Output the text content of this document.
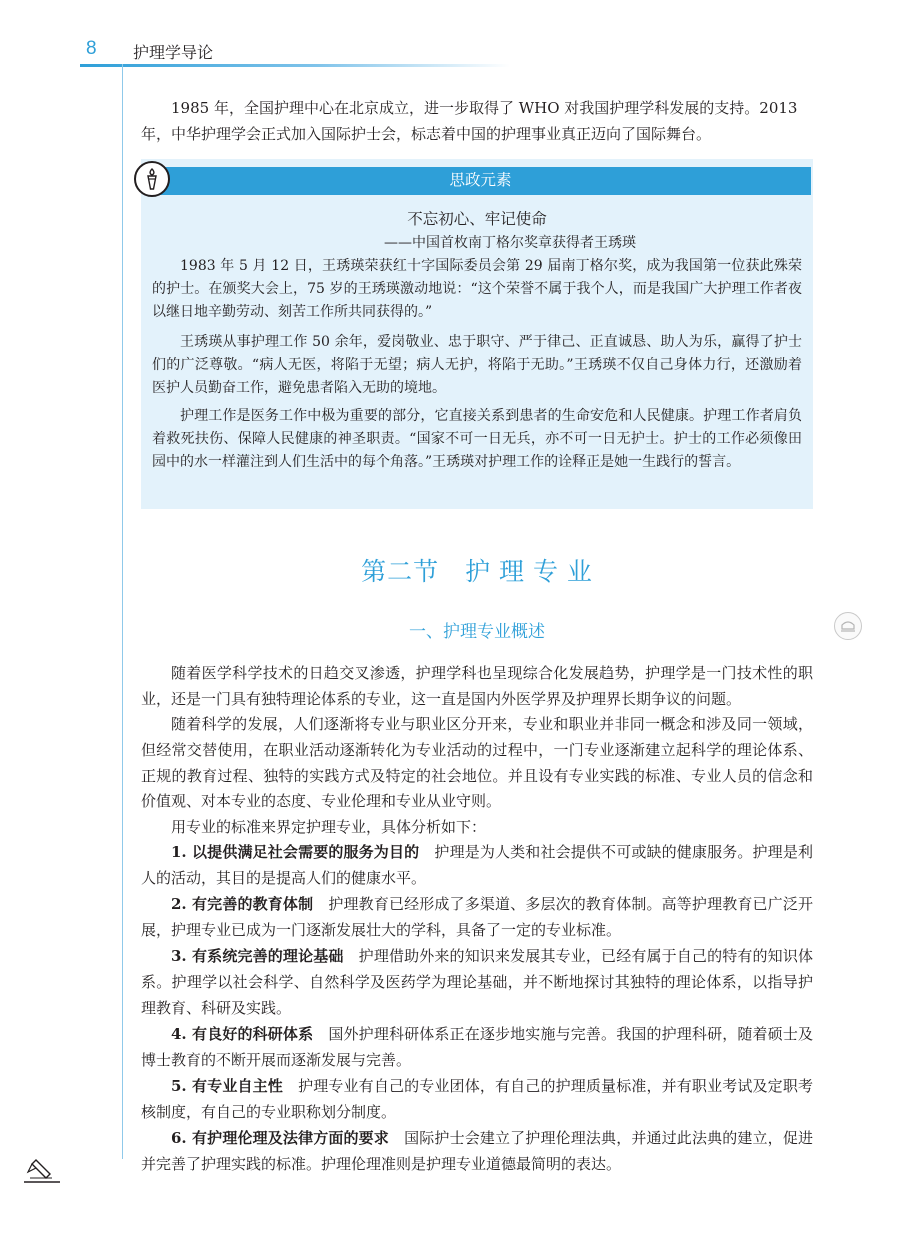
8 护理学导论

1985 年，全国护理中心在北京成立，进一步取得了 WHO 对我国护理学科发展的支持。2013

年，中华护理学会正式加入国际护士会，标志着中国的护理事业真正迈向了国际舞台。

思政元素
不忘初心、牢记使命
——中国首枚南丁格尔奖章获得者王琇瑛

1983 年 5 月 12 日，王琇瑛荣获红十字国际委员会第 29 届南丁格尔奖，成为我国第一位获此殊荣的护士。在颁奖大会上，75 岁的王琇瑛激动地说：“这个荣誉不属于我个人，而是我国广大护理工作者夜以继日地辛勤劳动、刻苦工作所共同获得的。”

王琇瑛从事护理工作 50 余年，爱岗敬业、忠于职守、严于律己、正直诚恳、助人为乐，赢得了护士们的广泛尊敬。“病人无医，将陷于无望；病人无护，将陷于无助。”王琇瑛不仅自己身体力行，还激励着医护人员勤奋工作，避免患者陷入无助的境地。

护理工作是医务工作中极为重要的部分，它直接关系到患者的生命安危和人民健康。护理工作者肩负着救死扶伤、保障人民健康的神圣职责。“国家不可一日无兵，亦不可一日无护士。护士的工作必须像田园中的水一样灌注到人们生活中的每个角落。”王琇瑛对护理工作的诠释正是她一生践行的誓言。

第二节　护 理 专 业
一、护理专业概述

随着医学科学技术的日趋交叉渗透，护理学科也呈现综合化发展趋势，护理学是一门技术性的职业，还是一门具有独特理论体系的专业，这一直是国内外医学界及护理界长期争议的问题。

随着科学的发展，人们逐渐将专业与职业区分开来，专业和职业并非同一概念和涉及同一领域，但经常交替使用，在职业活动逐渐转化为专业活动的过程中，一门专业逐渐建立起科学的理论体系、正规的教育过程、独特的实践方式及特定的社会地位。并且设有专业实践的标准、专业人员的信念和价值观、对本专业的态度、专业伦理和专业从业守则。

用专业的标准来界定护理专业，具体分析如下：

1. 以提供满足社会需要的服务为目的　 护理是为人类和社会提供不可或缺的健康服务。护理是利人的活动，其目的是提高人们的健康水平。

2. 有完善的教育体制　 护理教育已经形成了多渠道、多层次的教育体制。高等护理教育已广泛开展，护理专业已成为一门逐渐发展壮大的学科，具备了一定的专业标准。

3. 有系统完善的理论基础　 护理借助外来的知识来发展其专业，已经有属于自己的特有的知识体系。护理学以社会科学、自然科学及医药学为理论基础，并不断地探讨其独特的理论体系，以指导护理教育、科研及实践。

4. 有良好的科研体系　 国外护理科研体系正在逐步地实施与完善。我国的护理科研，随着硕士及博士教育的不断开展而逐渐发展与完善。

5. 有专业自主性　 护理专业有自己的专业团体，有自己的护理质量标准，并有职业考试及定职考核制度，有自己的专业职称划分制度。

6. 有护理伦理及法律方面的要求　 国际护士会建立了护理伦理法典，并通过此法典的建立，促进并完善了护理实践的标准。护理伦理准则是护理专业道德最简明的表达。
